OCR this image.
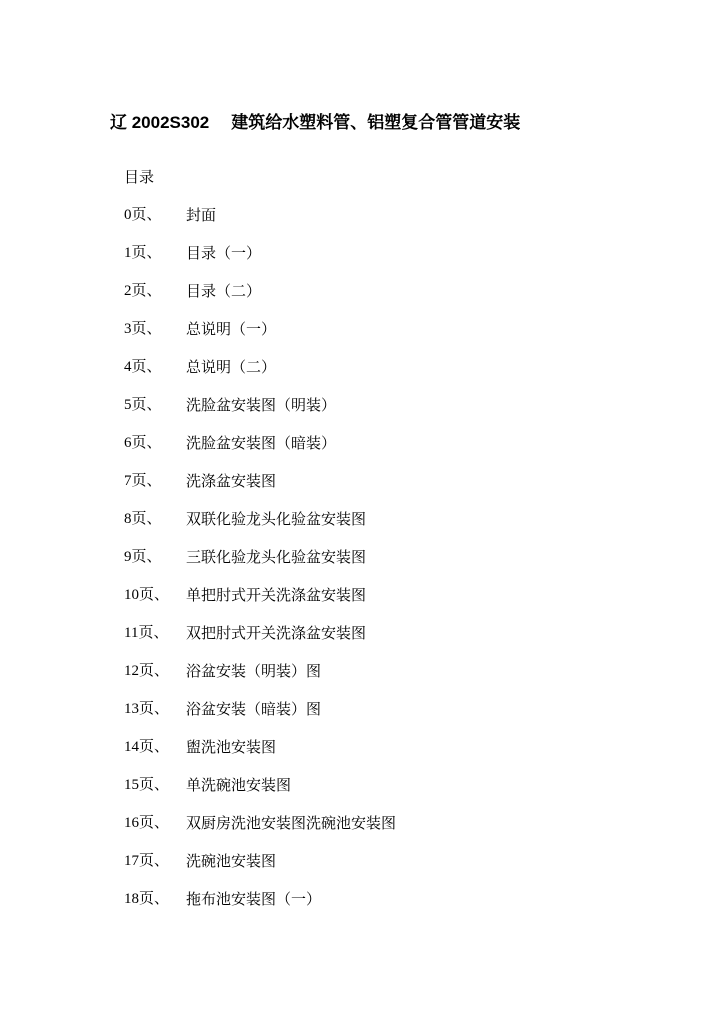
辽 2002S302 建筑给水塑料管、铝塑复合管管道安装
目录
0页、	封面
1页、	目录（一）
2页、	目录（二）
3页、	总说明（一）
4页、	总说明（二）
5页、	洗脸盆安装图（明装）
6页、	洗脸盆安装图（暗装）
7页、	洗涤盆安装图
8页、	双联化验龙头化验盆安装图
9页、	三联化验龙头化验盆安装图
10页、	单把肘式开关洗涤盆安装图
11页、	双把肘式开关洗涤盆安装图
12页、	浴盆安装（明装）图
13页、	浴盆安装（暗装）图
14页、	盥洗池安装图
15页、	单洗碗池安装图
16页、	双厨房洗池安装图洗碗池安装图
17页、	洗碗池安装图
18页、	拖布池安装图（一）
